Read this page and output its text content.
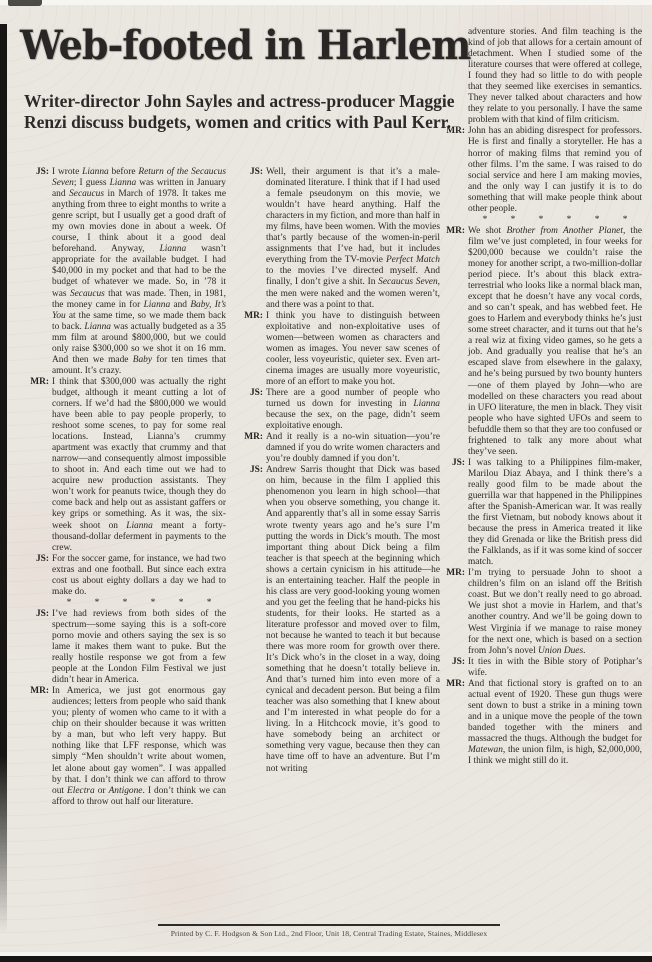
Web-footed in Harlem
Writer-director John Sayles and actress-producer Maggie Renzi discuss budgets, women and critics with Paul Kerr.

JS: I wrote Lianna before Return of the Secaucus Seven; I guess Lianna was written in January and Secaucus in March of 1978. It takes me anything from three to eight months to write a genre script, but I usually get a good draft of my own movies done in about a week. Of course, I think about it a good deal beforehand. Anyway, Lianna wasn’t appropriate for the available budget. I had $40,000 in my pocket and that had to be the budget of whatever we made. So, in ’78 it was Secaucus that was made. Then, in 1981, the money came in for Lianna and Baby, It’s You at the same time, so we made them back to back. Lianna was actually budgeted as a 35 mm film at around $800,000, but we could only raise $300,000 so we shot it on 16 mm. And then we made Baby for ten times that amount. It’s crazy.

MR: I think that $300,000 was actually the right budget, although it meant cutting a lot of corners. If we’d had the $800,000 we would have been able to pay people properly, to reshoot some scenes, to pay for some real locations. Instead, Lianna’s crummy apartment was exactly that crummy and that narrow—and consequently almost impossible to shoot in. And each time out we had to acquire new production assistants. They won’t work for peanuts twice, though they do come back and help out as assistant gaffers or key grips or something. As it was, the six-week shoot on Lianna meant a forty-thousand-dollar deferment in payments to the crew.

JS: For the soccer game, for instance, we had two extras and one football. But since each extra cost us about eighty dollars a day we had to make do.

* * * * * *

JS: I’ve had reviews from both sides of the spectrum—some saying this is a soft-core porno movie and others saying the sex is so lame it makes them want to puke. But the really hostile response we got from a few people at the London Film Festival we just didn’t hear in America.

MR: In America, we just got enormous gay audiences; letters from people who said thank you; plenty of women who came to it with a chip on their shoulder because it was written by a man, but who left very happy. But nothing like that LFF response, which was simply “Men shouldn’t write about women, let alone about gay women”. I was appalled by that. I don’t think we can afford to throw out Electra or Antigone. I don’t think we can afford to throw out half our literature.

JS: Well, their argument is that it’s a male-dominated literature. I think that if I had used a female pseudonym on this movie, we wouldn’t have heard anything. Half the characters in my fiction, and more than half in my films, have been women. With the movies that’s partly because of the women-in-peril assignments that I’ve had, but it includes everything from the TV-movie Perfect Match to the movies I’ve directed myself. And finally, I don’t give a shit. In Secaucus Seven, the men were naked and the women weren’t, and there was a point to that.

MR: I think you have to distinguish between exploitative and non-exploitative uses of women—between women as characters and women as images. You never saw scenes of cooler, less voyeuristic, quieter sex. Even art-cinema images are usually more voyeuristic, more of an effort to make you hot.

JS: There are a good number of people who turned us down for investing in Lianna because the sex, on the page, didn’t seem exploitative enough.

MR: And it really is a no-win situation—you’re damned if you do write women characters and you’re doubly damned if you don’t.

JS: Andrew Sarris thought that Dick was based on him, because in the film I applied this phenomenon you learn in high school—that when you observe something, you change it. And apparently that’s all in some essay Sarris wrote twenty years ago and he’s sure I’m putting the words in Dick’s mouth. The most important thing about Dick being a film teacher is that speech at the beginning which shows a certain cynicism in his attitude—he is an entertaining teacher. Half the people in his class are very good-looking young women and you get the feeling that he hand-picks his students, for their looks. He started as a literature professor and moved over to film, not because he wanted to teach it but because there was more room for growth over there. It’s Dick who’s in the closet in a way, doing something that he doesn’t totally believe in. And that’s turned him into even more of a cynical and decadent person. But being a film teacher was also something that I knew about and I’m interested in what people do for a living. In a Hitchcock movie, it’s good to have somebody being an architect or something very vague, because then they can have time off to have an adventure. But I’m not writing

adventure stories. And film teaching is the kind of job that allows for a certain amount of detachment. When I studied some of the literature courses that were offered at college, I found they had so little to do with people that they seemed like exercises in semantics. They never talked about characters and how they relate to you personally. I have the same problem with that kind of film criticism.

MR: John has an abiding disrespect for professors. He is first and finally a storyteller. He has a horror of making films that remind you of other films. I’m the same. I was raised to do social service and here I am making movies, and the only way I can justify it is to do something that will make people think about other people.

* * * * * *

MR: We shot Brother from Another Planet, the film we’ve just completed, in four weeks for $200,000 because we couldn’t raise the money for another script, a two-million-dollar period piece. It’s about this black extra-terrestrial who looks like a normal black man, except that he doesn’t have any vocal cords, and so can’t speak, and has webbed feet. He goes to Harlem and everybody thinks he’s just some street character, and it turns out that he’s a real wiz at fixing video games, so he gets a job. And gradually you realise that he’s an escaped slave from elsewhere in the galaxy, and he’s being pursued by two bounty hunters—one of them played by John—who are modelled on these characters you read about in UFO literature, the men in black. They visit people who have sighted UFOs and seem to befuddle them so that they are too confused or frightened to talk any more about what they’ve seen.

JS: I was talking to a Philippines film-maker, Marilou Diaz Abaya, and I think there’s a really good film to be made about the guerrilla war that happened in the Philippines after the Spanish-American war. It was really the first Vietnam, but nobody knows about it because the press in America treated it like they did Grenada or like the British press did the Falklands, as if it was some kind of soccer match.

MR: I’m trying to persuade John to shoot a children’s film on an island off the British coast. But we don’t really need to go abroad. We just shot a movie in Harlem, and that’s another country. And we’ll be going down to West Virginia if we manage to raise money for the next one, which is based on a section from John’s novel Union Dues.

JS: It ties in with the Bible story of Potiphar’s wife.

MR: And that fictional story is grafted on to an actual event of 1920. These gun thugs were sent down to bust a strike in a mining town and in a unique move the people of the town banded together with the miners and massacred the thugs. Although the budget for Matewan, the union film, is high, $2,000,000, I think we might still do it.

Printed by C. F. Hodgson & Son Ltd., 2nd Floor, Unit 18, Central Trading Estate, Staines, Middlesex
